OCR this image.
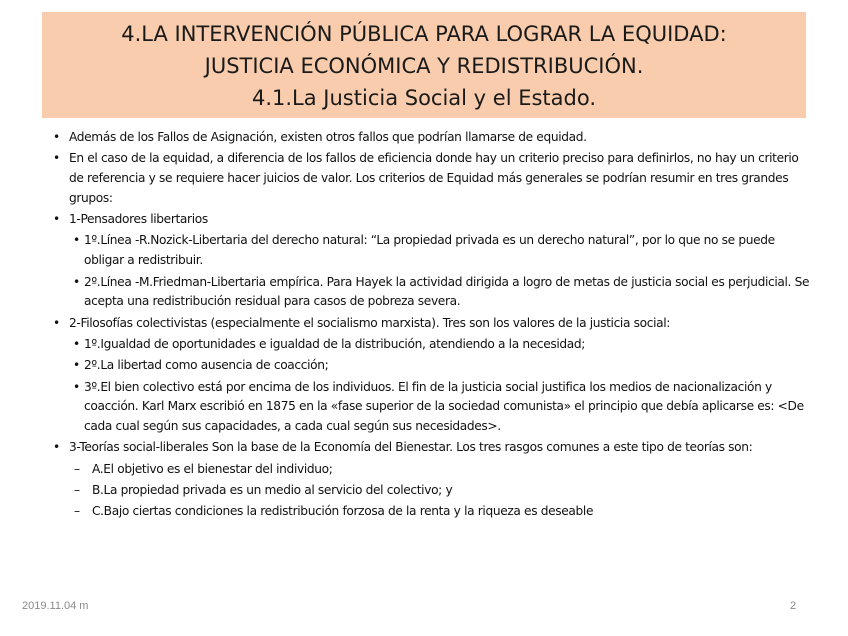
4.LA INTERVENCIÓN PÚBLICA PARA LOGRAR LA EQUIDAD:
JUSTICIA ECONÓMICA Y REDISTRIBUCIÓN.
4.1.La Justicia Social y el Estado.
• Además de los Fallos de Asignación, existen otros fallos que podrían llamarse de equidad.
• En el caso de la equidad, a diferencia de los fallos de eficiencia donde hay un criterio preciso para definirlos, no hay un criterio de referencia y se requiere hacer juicios de valor. Los criterios de Equidad más generales se podrían resumir en tres grandes grupos:
• 1-Pensadores libertarios
• 1º.Línea -R.Nozick-Libertaria del derecho natural: “La propiedad privada es un derecho natural”, por lo que no se puede obligar a redistribuir.
• 2º.Línea -M.Friedman-Libertaria empírica. Para Hayek la actividad dirigida a logro de metas de justicia social es perjudicial. Se acepta una redistribución residual para casos de pobreza severa.
• 2-Filosofías colectivistas (especialmente el socialismo marxista). Tres son los valores de la justicia social:
• 1º.Igualdad de oportunidades e igualdad de la distribución, atendiendo a la necesidad;
• 2º.La libertad como ausencia de coacción;
• 3º.El bien colectivo está por encima de los individuos. El fin de la justicia social justifica los medios de nacionalización y coacción. Karl Marx escribió en 1875 en la «fase superior de la sociedad comunista» el principio que debía aplicarse es: <De cada cual según sus capacidades, a cada cual según sus necesidades>.
• 3-Teorías social-liberales Son la base de la Economía del Bienestar. Los tres rasgos comunes a este tipo de teorías son:
– A.El objetivo es el bienestar del individuo;
– B.La propiedad privada es un medio al servicio del colectivo; y
– C.Bajo ciertas condiciones la redistribución forzosa de la renta y la riqueza es deseable
2019.11.04 m	2
